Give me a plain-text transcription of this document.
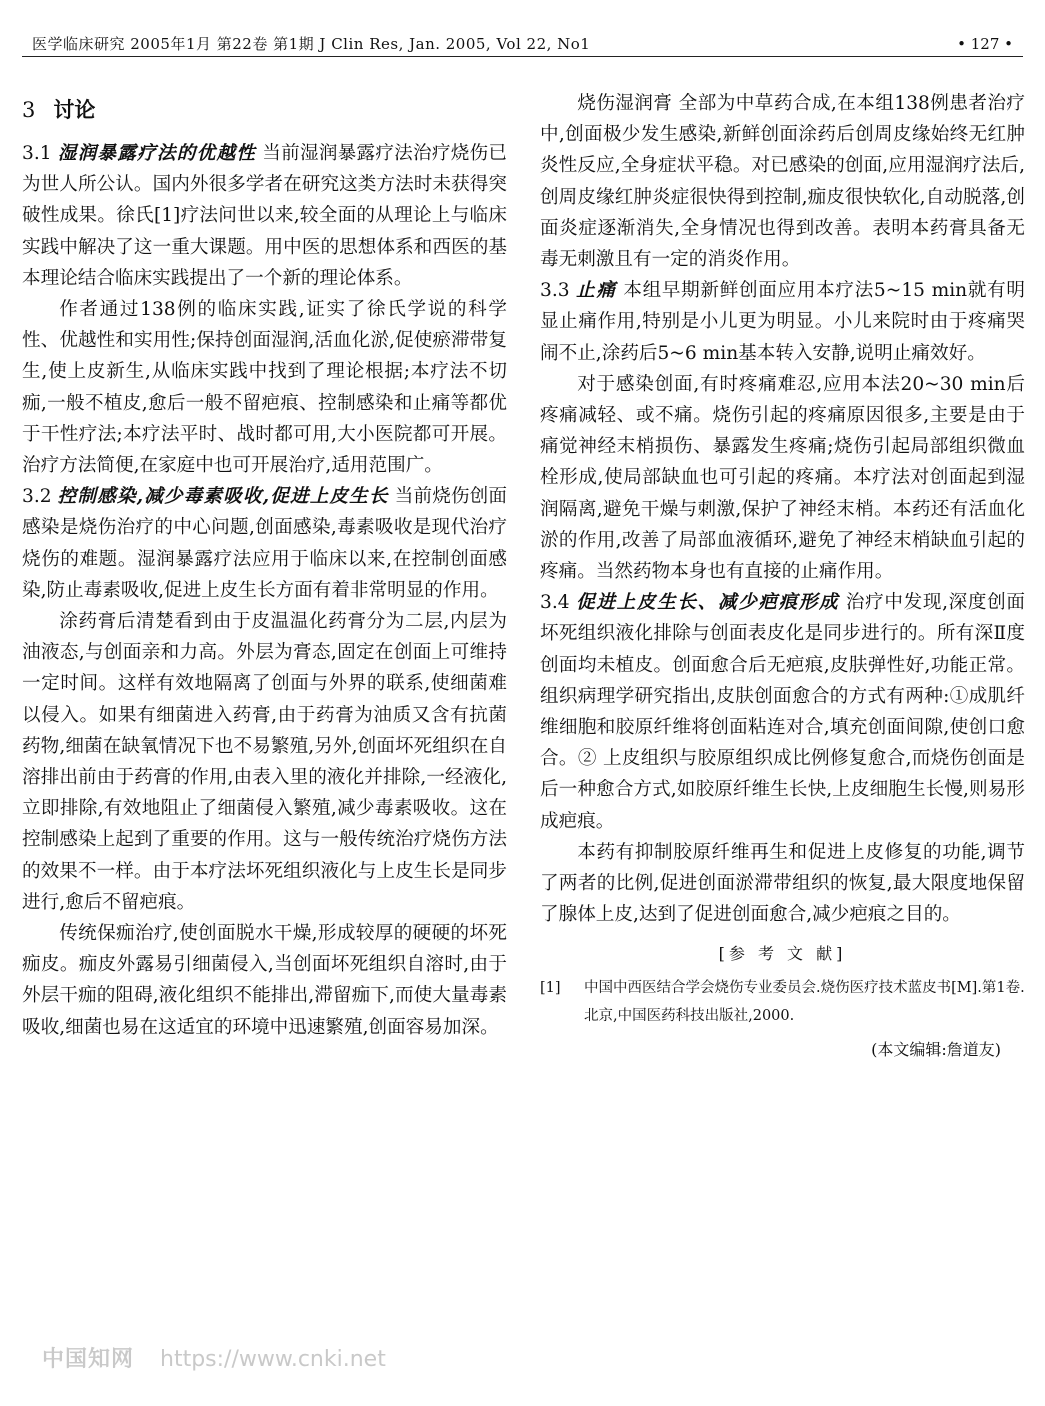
医学临床研究 2005年1月 第22卷 第1期 J Clin Res, Jan. 2005, Vol 22, No1	• 127 •

3 讨论

3.1 湿润暴露疗法的优越性 当前湿润暴露疗法治疗烧伤已为世人所公认。国内外很多学者在研究这类方法时未获得突破性成果。徐氏[1]疗法问世以来,较全面的从理论上与临床实践中解决了这一重大课题。用中医的思想体系和西医的基本理论结合临床实践提出了一个新的理论体系。

作者通过138例的临床实践,证实了徐氏学说的科学性、优越性和实用性;保持创面湿润,活血化淤,促使瘀滞带复生,使上皮新生,从临床实践中找到了理论根据;本疗法不切痂,一般不植皮,愈后一般不留疤痕、控制感染和止痛等都优于干性疗法;本疗法平时、战时都可用,大小医院都可开展。治疗方法简便,在家庭中也可开展治疗,适用范围广。

3.2 控制感染,减少毒素吸收,促进上皮生长 当前烧伤创面感染是烧伤治疗的中心问题,创面感染,毒素吸收是现代治疗烧伤的难题。湿润暴露疗法应用于临床以来,在控制创面感染,防止毒素吸收,促进上皮生长方面有着非常明显的作用。

涂药膏后清楚看到由于皮温温化药膏分为二层,内层为油液态,与创面亲和力高。外层为膏态,固定在创面上可维持一定时间。这样有效地隔离了创面与外界的联系,使细菌难以侵入。如果有细菌进入药膏,由于药膏为油质又含有抗菌药物,细菌在缺氧情况下也不易繁殖,另外,创面坏死组织在自溶排出前由于药膏的作用,由表入里的液化并排除,一经液化,立即排除,有效地阻止了细菌侵入繁殖,减少毒素吸收。这在控制感染上起到了重要的作用。这与一般传统治疗烧伤方法的效果不一样。由于本疗法坏死组织液化与上皮生长是同步进行,愈后不留疤痕。

传统保痂治疗,使创面脱水干燥,形成较厚的硬硬的坏死痂皮。痂皮外露易引细菌侵入,当创面坏死组织自溶时,由于外层干痂的阻碍,液化组织不能排出,滞留痂下,而使大量毒素吸收,细菌也易在这适宜的环境中迅速繁殖,创面容易加深。

烧伤湿润膏 全部为中草药合成,在本组138例患者治疗中,创面极少发生感染,新鲜创面涂药后创周皮缘始终无红肿炎性反应,全身症状平稳。对已感染的创面,应用湿润疗法后,创周皮缘红肿炎症很快得到控制,痂皮很快软化,自动脱落,创面炎症逐渐消失,全身情况也得到改善。表明本药膏具备无毒无刺激且有一定的消炎作用。

3.3 止痛 本组早期新鲜创面应用本疗法5~15 min就有明显止痛作用,特别是小儿更为明显。小儿来院时由于疼痛哭闹不止,涂药后5~6 min基本转入安静,说明止痛效好。

对于感染创面,有时疼痛难忍,应用本法20~30 min后疼痛减轻、或不痛。烧伤引起的疼痛原因很多,主要是由于痛觉神经末梢损伤、暴露发生疼痛;烧伤引起局部组织微血栓形成,使局部缺血也可引起的疼痛。本疗法对创面起到湿润隔离,避免干燥与刺激,保护了神经末梢。本药还有活血化淤的作用,改善了局部血液循环,避免了神经末梢缺血引起的疼痛。当然药物本身也有直接的止痛作用。

3.4 促进上皮生长、减少疤痕形成 治疗中发现,深度创面坏死组织液化排除与创面表皮化是同步进行的。所有深Ⅱ度创面均未植皮。创面愈合后无疤痕,皮肤弹性好,功能正常。组织病理学研究指出,皮肤创面愈合的方式有两种:①成肌纤维细胞和胶原纤维将创面粘连对合,填充创面间隙,使创口愈合。② 上皮组织与胶原组织成比例修复愈合,而烧伤创面是后一种愈合方式,如胶原纤维生长快,上皮细胞生长慢,则易形成疤痕。

本药有抑制胶原纤维再生和促进上皮修复的功能,调节了两者的比例,促进创面淤滞带组织的恢复,最大限度地保留了腺体上皮,达到了促进创面愈合,减少疤痕之目的。

[参 考 文 献]

[1] 中国中西医结合学会烧伤专业委员会.烧伤医疗技术蓝皮书[M].第1卷.北京,中国医药科技出版社,2000.

(本文编辑:詹道友)

中国知网 https://www.cnki.net
